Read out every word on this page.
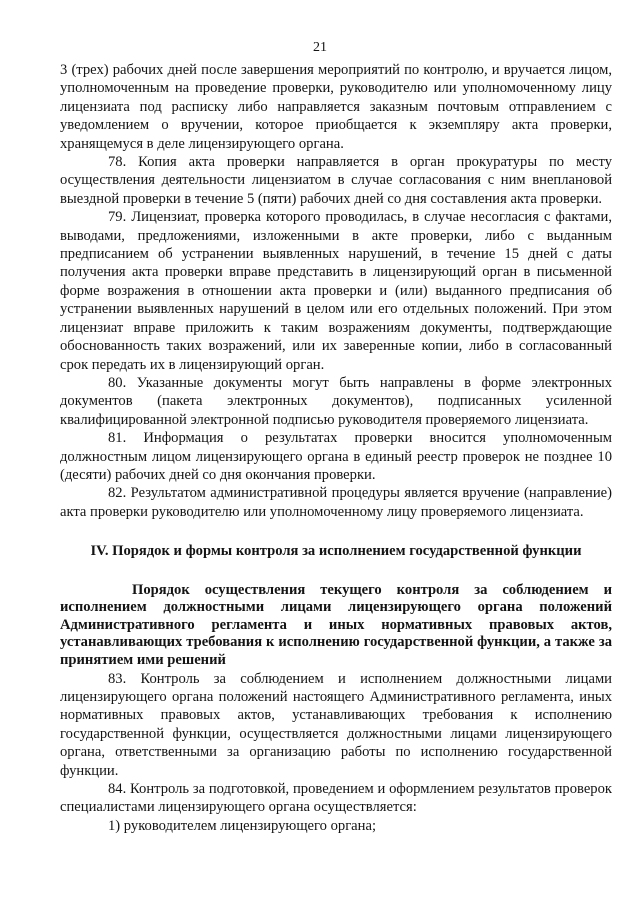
21

3 (трех) рабочих дней после завершения мероприятий по контролю, и вручается лицом, уполномоченным на проведение проверки, руководителю или уполномоченному лицу лицензиата под расписку либо направляется заказным почтовым отправлением с уведомлением о вручении, которое приобщается к экземпляру акта проверки, хранящемуся в деле лицензирующего органа.

78. Копия акта проверки направляется в орган прокуратуры по месту осуществления деятельности лицензиатом в случае согласования с ним внеплановой выездной проверки в течение 5 (пяти) рабочих дней со дня составления акта проверки.

79. Лицензиат, проверка которого проводилась, в случае несогласия с фактами, выводами, предложениями, изложенными в акте проверки, либо с выданным предписанием об устранении выявленных нарушений, в течение 15 дней с даты получения акта проверки вправе представить в лицензирующий орган в письменной форме возражения в отношении акта проверки и (или) выданного предписания об устранении выявленных нарушений в целом или его отдельных положений. При этом лицензиат вправе приложить к таким возражениям документы, подтверждающие обоснованность таких возражений, или их заверенные копии, либо в согласованный срок передать их в лицензирующий орган.

80. Указанные документы могут быть направлены в форме электронных документов (пакета электронных документов), подписанных усиленной квалифицированной электронной подписью руководителя проверяемого лицензиата.

81. Информация о результатах проверки вносится уполномоченным должностным лицом лицензирующего органа в единый реестр проверок не позднее 10 (десяти) рабочих дней со дня окончания проверки.

82. Результатом административной процедуры является вручение (направление) акта проверки руководителю или уполномоченному лицу проверяемого лицензиата.

IV. Порядок и формы контроля за исполнением государственной функции

Порядок осуществления текущего контроля за соблюдением и исполнением должностными лицами лицензирующего органа положений Административного регламента и иных нормативных правовых актов, устанавливающих требования к исполнению государственной функции, а также за принятием ими решений

83. Контроль за соблюдением и исполнением должностными лицами лицензирующего органа положений настоящего Административного регламента, иных нормативных правовых актов, устанавливающих требования к исполнению государственной функции, осуществляется должностными лицами лицензирующего органа, ответственными за организацию работы по исполнению государственной функции.

84. Контроль за подготовкой, проведением и оформлением результатов проверок специалистами лицензирующего органа осуществляется:

1) руководителем лицензирующего органа;
